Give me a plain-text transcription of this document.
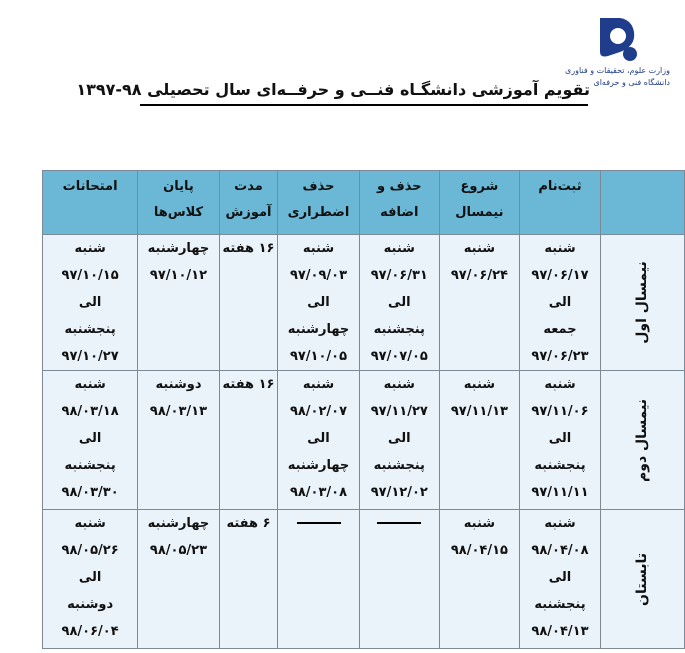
وزارت علوم، تحقیقات و فناوری
دانشگاه فنی و حرفه‌ای
تقویم آموزشی دانشگـاه فنــی و حرفــه‌ای سال تحصیلی ۹۸-۱۳۹۷
	ثبت‌نام	شروع نیمسال	حذف و اضافه	حذف اضطراری	مدت آموزش	پایان کلاس‌ها	امتحانات
نیمسال اول	شنبه
۹۷/۰۶/۱۷
الی
جمعه
۹۷/۰۶/۲۳	شنبه
۹۷/۰۶/۲۴	شنبه
۹۷/۰۶/۳۱
الی
پنجشنبه
۹۷/۰۷/۰۵	شنبه
۹۷/۰۹/۰۳
الی
چهارشنبه
۹۷/۱۰/۰۵	۱۶ هفته	چهارشنبه
۹۷/۱۰/۱۲	شنبه
۹۷/۱۰/۱۵
الی
پنجشنبه
۹۷/۱۰/۲۷

نیمسال دوم	شنبه
۹۷/۱۱/۰۶
الی
پنجشنبه
۹۷/۱۱/۱۱	شنبه
۹۷/۱۱/۱۳	شنبه
۹۷/۱۱/۲۷
الی
پنجشنبه
۹۷/۱۲/۰۲	شنبه
۹۸/۰۲/۰۷
الی
چهارشنبه
۹۸/۰۳/۰۸	۱۶ هفته	دوشنبه
۹۸/۰۳/۱۳	شنبه
۹۸/۰۳/۱۸
الی
پنجشنبه
۹۸/۰۳/۳۰

تابستان	شنبه
۹۸/۰۴/۰۸
الی
پنجشنبه
۹۸/۰۴/۱۳	شنبه
۹۸/۰۴/۱۵			۶ هفته	چهارشنبه
۹۸/۰۵/۲۳	شنبه
۹۸/۰۵/۲۶
الی
دوشنبه
۹۸/۰۶/۰۴
